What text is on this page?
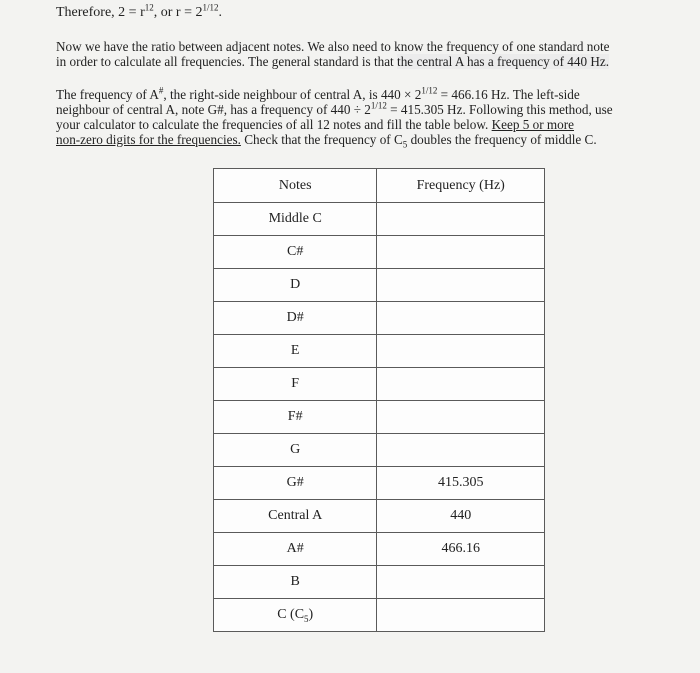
Therefore, $2 = r^{12}$, or $r = 2^{1/12}$.
Now we have the ratio between adjacent notes. We also need to know the frequency of one standard note
in order to calculate all frequencies. The general standard is that the central A has a frequency of 440 Hz.
The frequency of A#, the right-side neighbour of central A, is $440 \times 2^{1/12} = 466.16$ Hz. The left-side
neighbour of central A, note G#, has a frequency of $440 \div 2^{1/12} = 415.305$ Hz. Following this method, use
your calculator to calculate the frequencies of all 12 notes and fill the table below. Keep 5 or more
non-zero digits for the frequencies. Check that the frequency of $C_5$ doubles the frequency of middle C.
Notes	Frequency (Hz)
Middle C	
C#	
D	
D#	
E	
F	
F#	
G	
G#	415.305
Central A	440
A#	466.16
B	
C $(C_5)$	
